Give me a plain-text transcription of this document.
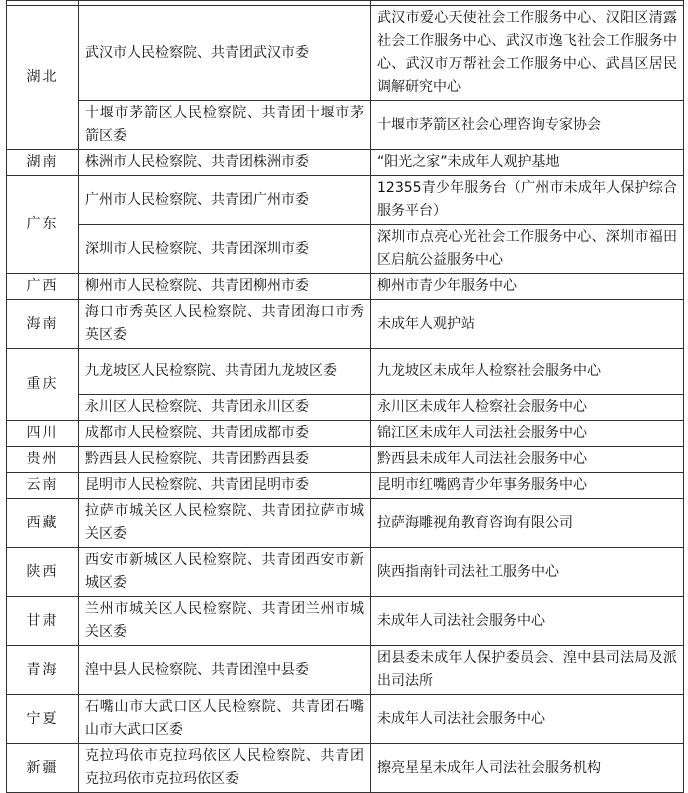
湖北	武汉市人民检察院、共青团武汉市委	武汉市爱心天使社会工作服务中心、汉阳区清露社会工作服务中心、武汉市逸飞社会工作服务中心、武汉市万帮社会工作服务中心、武昌区居民调解研究中心
	十堰市茅箭区人民检察院、共青团十堰市茅箭区委	十堰市茅箭区社会心理咨询专家协会
湖南	株洲市人民检察院、共青团株洲市委	“阳光之家”未成年人观护基地
广东	广州市人民检察院、共青团广州市委	12355青少年服务台（广州市未成年人保护综合服务平台）
	深圳市人民检察院、共青团深圳市委	深圳市点亮心光社会工作服务中心、深圳市福田区启航公益服务中心
广西	柳州市人民检察院、共青团柳州市委	柳州市青少年服务中心
海南	海口市秀英区人民检察院、共青团海口市秀英区委	未成年人观护站
重庆	九龙坡区人民检察院、共青团九龙坡区委	九龙坡区未成年人检察社会服务中心
	永川区人民检察院、共青团永川区委	永川区未成年人检察社会服务中心
四川	成都市人民检察院、共青团成都市委	锦江区未成年人司法社会服务中心
贵州	黔西县人民检察院、共青团黔西县委	黔西县未成年人司法社会服务中心
云南	昆明市人民检察院、共青团昆明市委	昆明市红嘴鸥青少年事务服务中心
西藏	拉萨市城关区人民检察院、共青团拉萨市城关区委	拉萨海雕视角教育咨询有限公司
陕西	西安市新城区人民检察院、共青团西安市新城区委	陕西指南针司法社工服务中心
甘肃	兰州市城关区人民检察院、共青团兰州市城关区委	未成年人司法社会服务中心
青海	湟中县人民检察院、共青团湟中县委	团县委未成年人保护委员会、湟中县司法局及派出司法所
宁夏	石嘴山市大武口区人民检察院、共青团石嘴山市大武口区委	未成年人司法社会服务中心
新疆	克拉玛依市克拉玛依区人民检察院、共青团克拉玛依市克拉玛依区委	擦亮星星未成年人司法社会服务机构
